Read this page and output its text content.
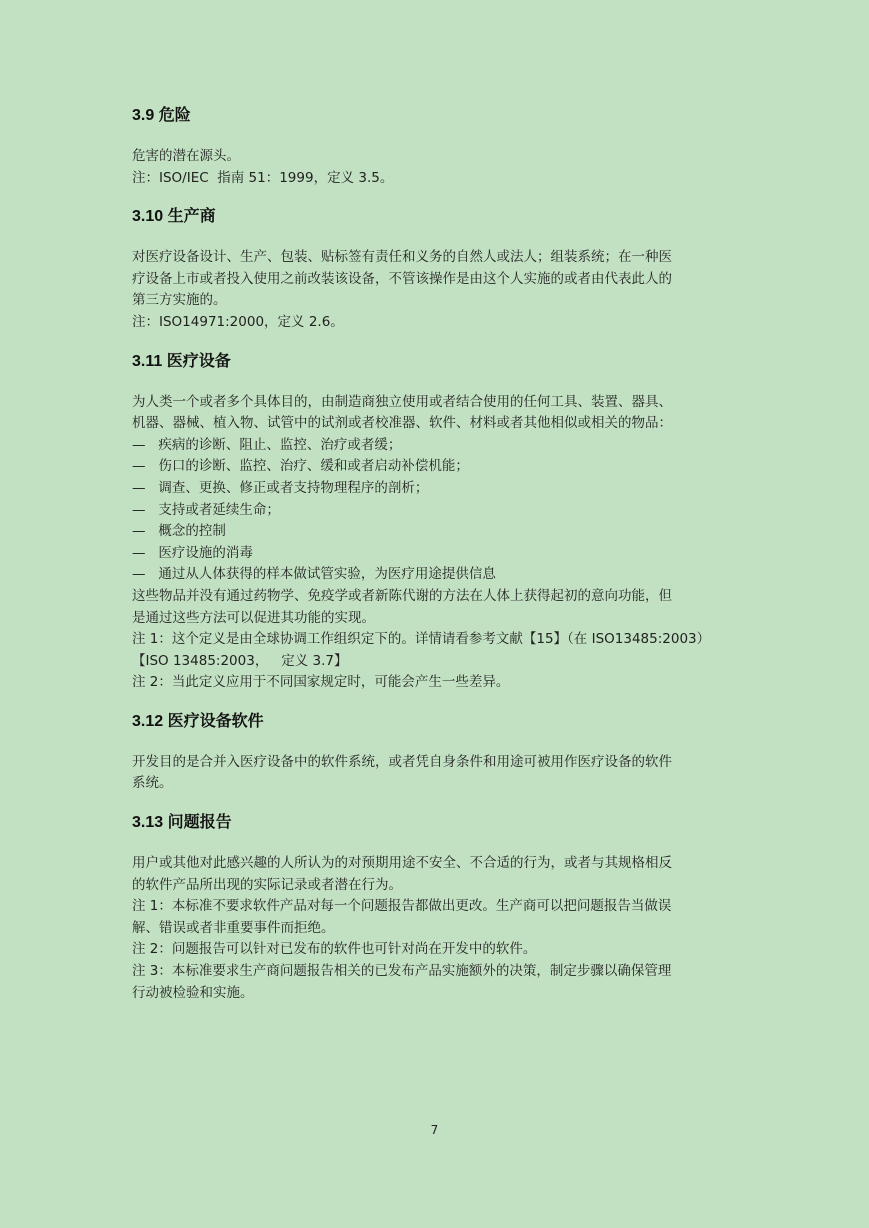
3.9 危险
危害的潜在源头。
注：ISO/IEC  指南 51：1999，定义 3.5。
3.10 生产商
对医疗设备设计、生产、包装、贴标签有责任和义务的自然人或法人；组装系统；在一种医
疗设备上市或者投入使用之前改装该设备，不管该操作是由这个人实施的或者由代表此人的
第三方实施的。
注：ISO14971:2000，定义 2.6。
3.11 医疗设备
为人类一个或者多个具体目的，由制造商独立使用或者结合使用的任何工具、装置、器具、
机器、器械、植入物、试管中的试剂或者校准器、软件、材料或者其他相似或相关的物品：
—   疾病的诊断、阻止、监控、治疗或者缓；
—   伤口的诊断、监控、治疗、缓和或者启动补偿机能；
—   调查、更换、修正或者支持物理程序的剖析；
—   支持或者延续生命；
—   概念的控制
—   医疗设施的消毒
—   通过从人体获得的样本做试管实验，为医疗用途提供信息
这些物品并没有通过药物学、免疫学或者新陈代谢的方法在人体上获得起初的意向功能，但
是通过这些方法可以促进其功能的实现。
注 1：这个定义是由全球协调工作组织定下的。详情请看参考文献【15】（在 ISO13485:2003）
【ISO 13485:2003，   定义 3.7】
注 2：当此定义应用于不同国家规定时，可能会产生一些差异。
3.12 医疗设备软件
开发目的是合并入医疗设备中的软件系统，或者凭自身条件和用途可被用作医疗设备的软件
系统。
3.13 问题报告
用户或其他对此感兴趣的人所认为的对预期用途不安全、不合适的行为，或者与其规格相反
的软件产品所出现的实际记录或者潜在行为。
注 1：本标准不要求软件产品对每一个问题报告都做出更改。生产商可以把问题报告当做误
解、错误或者非重要事件而拒绝。
注 2：问题报告可以针对已发布的软件也可针对尚在开发中的软件。
注 3：本标准要求生产商问题报告相关的已发布产品实施额外的决策，制定步骤以确保管理
行动被检验和实施。
7
